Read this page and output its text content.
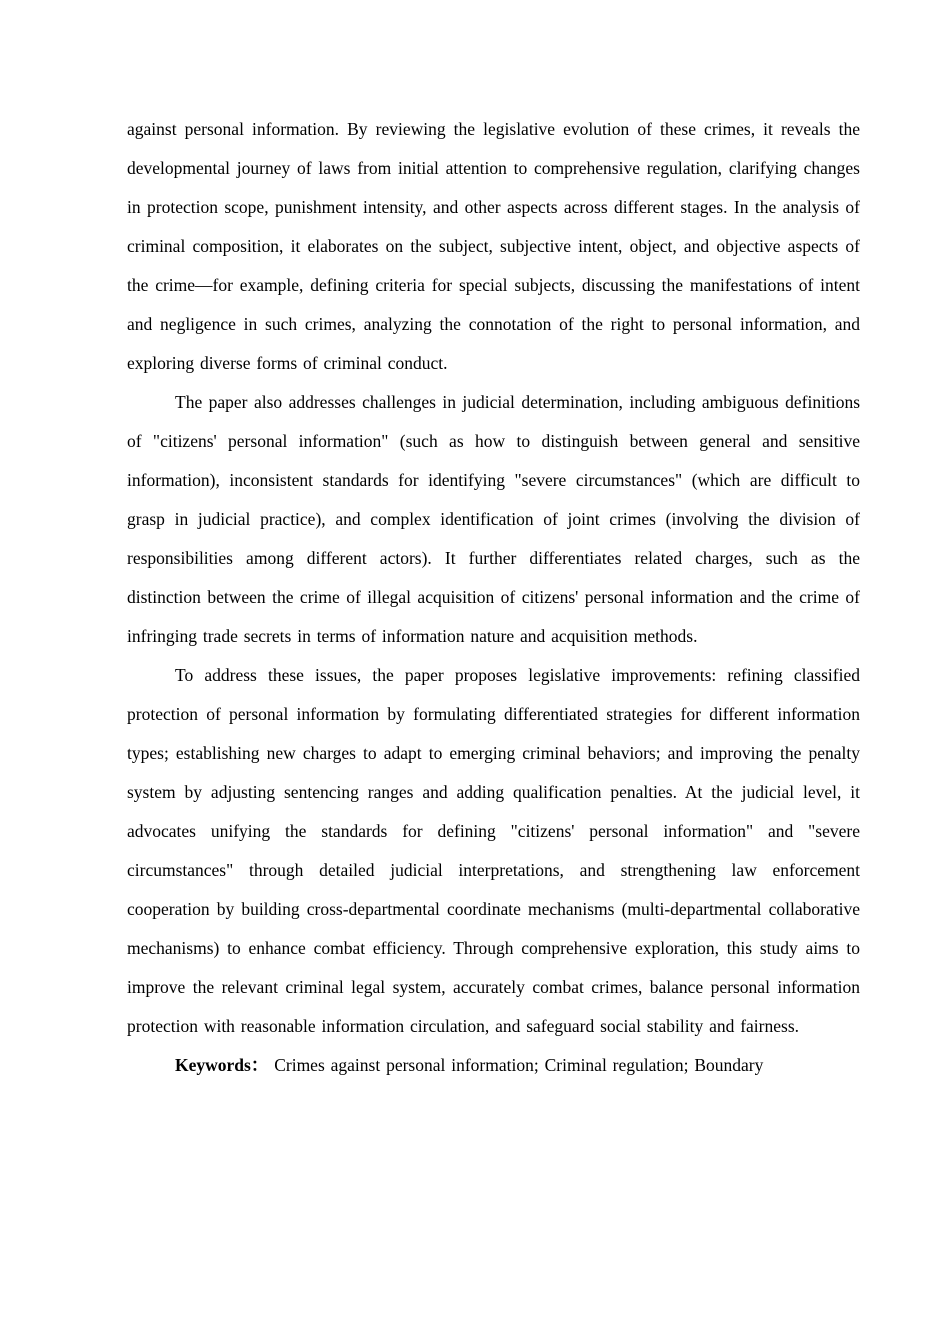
against personal information. By reviewing the legislative evolution of these crimes, it reveals the developmental journey of laws from initial attention to comprehensive regulation, clarifying changes in protection scope, punishment intensity, and other aspects across different stages. In the analysis of criminal composition, it elaborates on the subject, subjective intent, object, and objective aspects of the crime—for example, defining criteria for special subjects, discussing the manifestations of intent and negligence in such crimes, analyzing the connotation of the right to personal information, and exploring diverse forms of criminal conduct.

The paper also addresses challenges in judicial determination, including ambiguous definitions of "citizens' personal information" (such as how to distinguish between general and sensitive information), inconsistent standards for identifying "severe circumstances" (which are difficult to grasp in judicial practice), and complex identification of joint crimes (involving the division of responsibilities among different actors). It further differentiates related charges, such as the distinction between the crime of illegal acquisition of citizens' personal information and the crime of infringing trade secrets in terms of information nature and acquisition methods.

To address these issues, the paper proposes legislative improvements: refining classified protection of personal information by formulating differentiated strategies for different information types; establishing new charges to adapt to emerging criminal behaviors; and improving the penalty system by adjusting sentencing ranges and adding qualification penalties. At the judicial level, it advocates unifying the standards for defining "citizens' personal information" and "severe circumstances" through detailed judicial interpretations, and strengthening law enforcement cooperation by building cross-departmental coordinate mechanisms (multi-departmental collaborative mechanisms) to enhance combat efficiency. Through comprehensive exploration, this study aims to improve the relevant criminal legal system, accurately combat crimes, balance personal information protection with reasonable information circulation, and safeguard social stability and fairness.

Keywords： Crimes against personal information; Criminal regulation; Boundary
